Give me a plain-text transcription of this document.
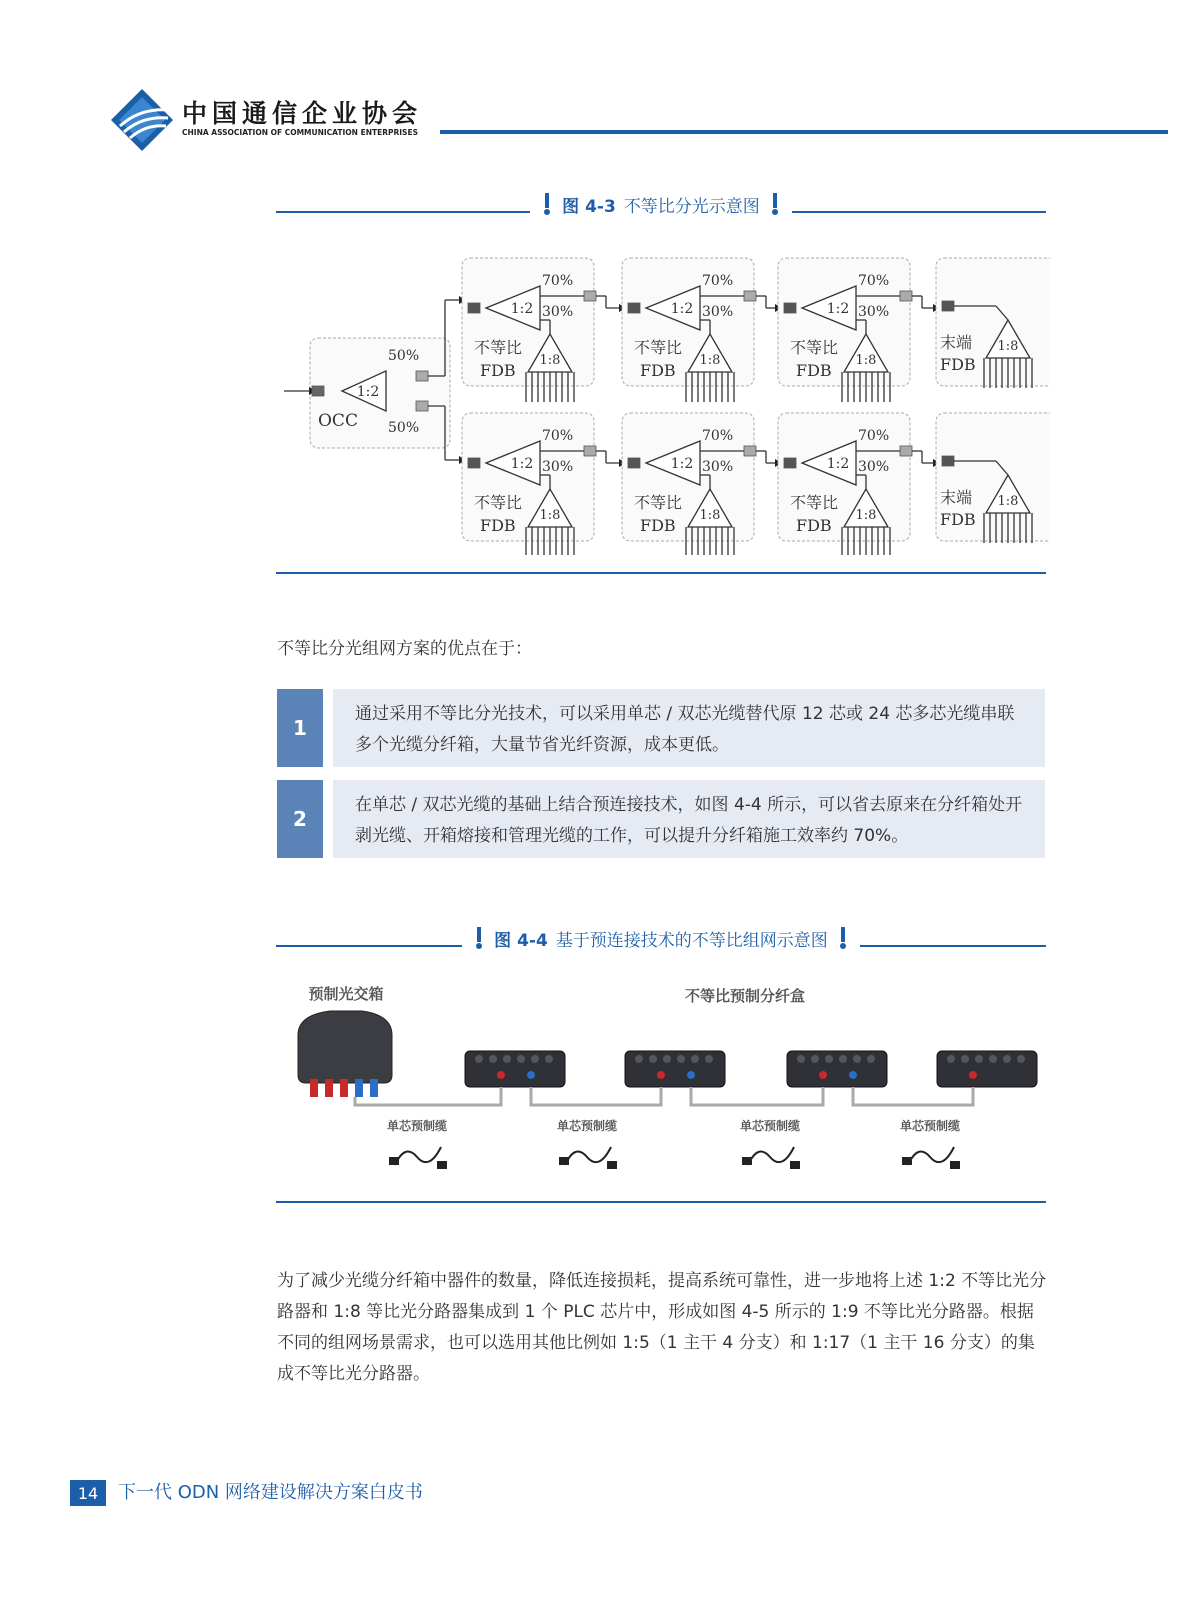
中国通信企业协会
CHINA ASSOCIATION OF COMMUNICATION ENTERPRISES
图 4-3 不等比分光示意图
1:2
OCC
50%
50%
1:2
70%
30%
不等比
FDB
1:8
1:2
70%
30%
不等比
FDB
1:8
1:2
70%
30%
不等比
FDB
1:8
末端
FDB
1:8
1:2
70%
30%
不等比
FDB
1:8
1:2
70%
30%
不等比
FDB
1:8
1:2
70%
30%
不等比
FDB
1:8
末端
FDB
1:8
不等比分光组网方案的优点在于：
1
通过采用不等比分光技术，可以采用单芯 / 双芯光缆替代原 12 芯或 24 芯多芯光缆串联多个光缆分纤箱，大量节省光纤资源，成本更低。
2
在单芯 / 双芯光缆的基础上结合预连接技术，如图 4-4 所示，可以省去原来在分纤箱处开剥光缆、开箱熔接和管理光缆的工作，可以提升分纤箱施工效率约 70%。
图 4-4 基于预连接技术的不等比组网示意图
预制光交箱	不等比预制分纤盒
单芯预制缆	单芯预制缆	单芯预制缆	单芯预制缆
为了减少光缆分纤箱中器件的数量，降低连接损耗，提高系统可靠性，进一步地将上述 1:2 不等比光分路器和 1:8 等比光分路器集成到 1 个 PLC 芯片中，形成如图 4-5 所示的 1:9 不等比光分路器。根据不同的组网场景需求，也可以选用其他比例如 1:5（1 主干 4 分支）和 1:17（1 主干 16 分支）的集成不等比光分路器。
14	下一代 ODN 网络建设解决方案白皮书
